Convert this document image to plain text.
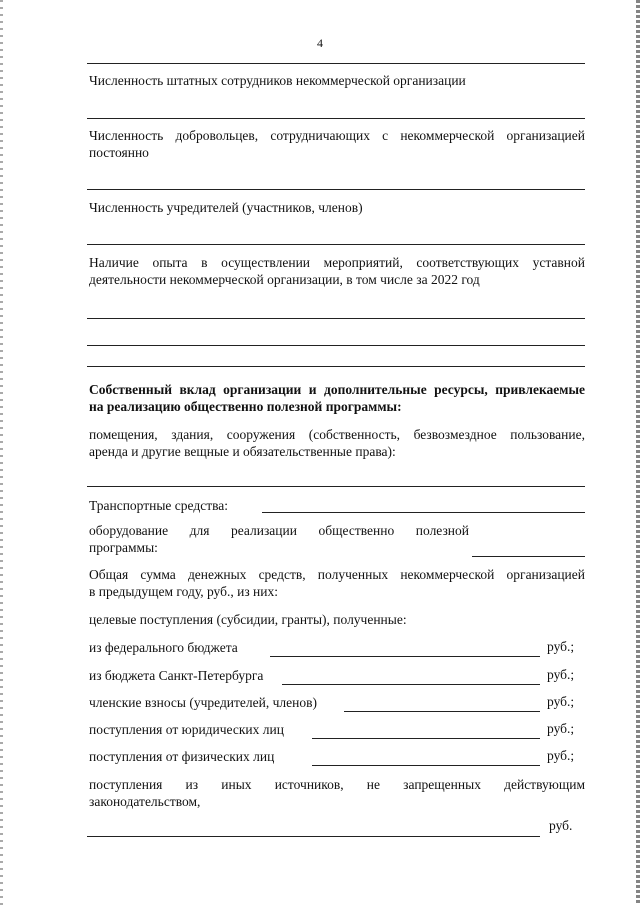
4
Численность штатных сотрудников некоммерческой организации
Численность добровольцев, сотрудничающих с некоммерческой организацией
постоянно
Численность учредителей (участников, членов)
Наличие опыта в осуществлении мероприятий, соответствующих уставной
деятельности некоммерческой организации, в том числе за 2022 год
Собственный вклад организации и дополнительные ресурсы, привлекаемые
на реализацию общественно полезной программы:
помещения, здания, сооружения (собственность, безвозмездное пользование,
аренда и другие вещные и обязательственные права):
Транспортные средства:
оборудование для реализации общественно полезной
программы:
Общая сумма денежных средств, полученных некоммерческой организацией
в предыдущем году, руб., из них:
целевые поступления (субсидии, гранты), полученные:
из федерального бюджета	руб.;
из бюджета Санкт-Петербурга	руб.;
членские взносы (учредителей, членов)	руб.;
поступления от юридических лиц	руб.;
поступления от физических лиц	руб.;
поступления из иных источников, не запрещенных действующим
законодательством,
руб.
